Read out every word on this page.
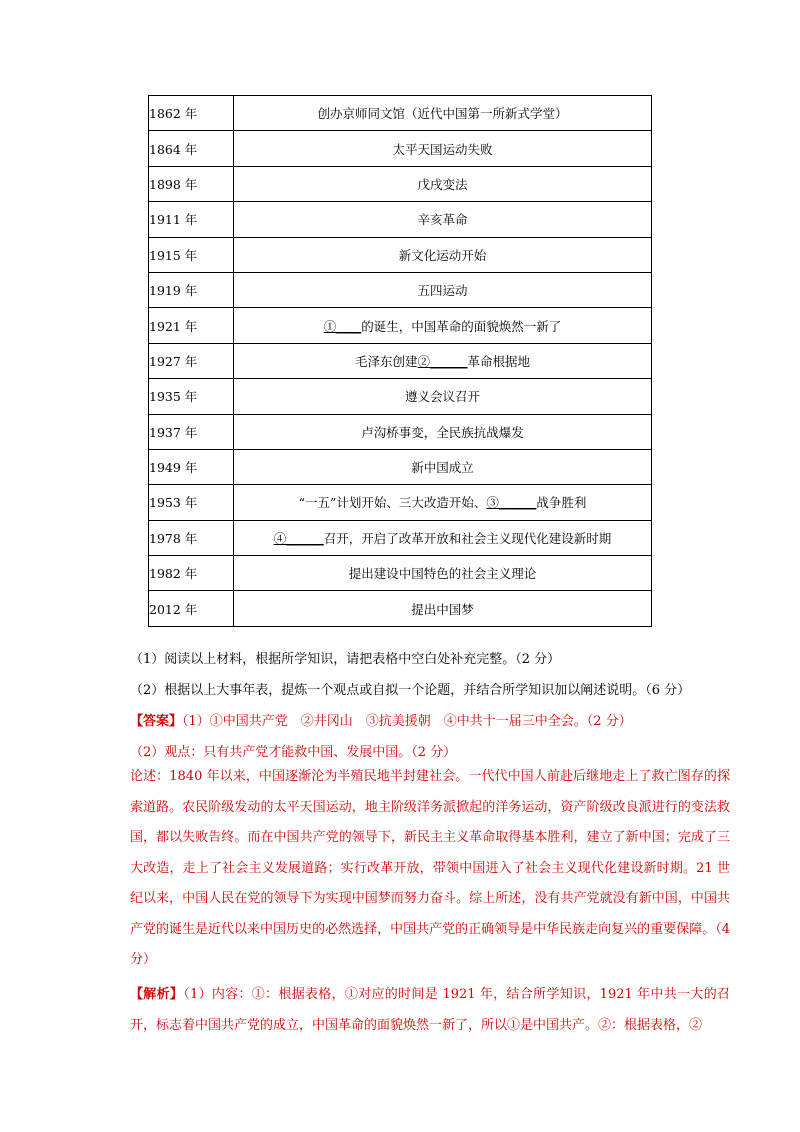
1862 年	创办京师同文馆（近代中国第一所新式学堂）
1864 年	太平天国运动失败
1898 年	戊戌变法
1911 年	辛亥革命
1915 年	新文化运动开始
1919 年	五四运动
1921 年	①____的诞生，中国革命的面貌焕然一新了
1927 年	毛泽东创建②______革命根据地
1935 年	遵义会议召开
1937 年	卢沟桥事变，全民族抗战爆发
1949 年	新中国成立
1953 年	“一五”计划开始、三大改造开始、③______战争胜利
1978 年	④______召开，开启了改革开放和社会主义现代化建设新时期
1982 年	提出建设中国特色的社会主义理论
2012 年	提出中国梦
（1）阅读以上材料，根据所学知识，请把表格中空白处补充完整。（2 分）
（2）根据以上大事年表，提炼一个观点或自拟一个论题，并结合所学知识加以阐述说明。（6 分）
【答案】（1）①中国共产党　②井冈山　③抗美援朝　④中共十一届三中全会。（2 分）
（2）观点：只有共产党才能救中国、发展中国。（2 分）
论述：1840 年以来，中国逐渐沦为半殖民地半封建社会。一代代中国人前赴后继地走上了救亡图存的探索道路。农民阶级发动的太平天国运动，地主阶级洋务派掀起的洋务运动，资产阶级改良派进行的变法救国，都以失败告终。而在中国共产党的领导下，新民主主义革命取得基本胜利，建立了新中国；完成了三大改造，走上了社会主义发展道路；实行改革开放，带领中国进入了社会主义现代化建设新时期。21 世纪以来，中国人民在党的领导下为实现中国梦而努力奋斗。综上所述，没有共产党就没有新中国，中国共产党的诞生是近代以来中国历史的必然选择，中国共产党的正确领导是中华民族走向复兴的重要保障。（4 分）
【解析】（1）内容：①：根据表格，①对应的时间是 1921 年，结合所学知识，1921 年中共一大的召开，标志着中国共产党的成立，中国革命的面貌焕然一新了，所以①是中国共产。②：根据表格，②
